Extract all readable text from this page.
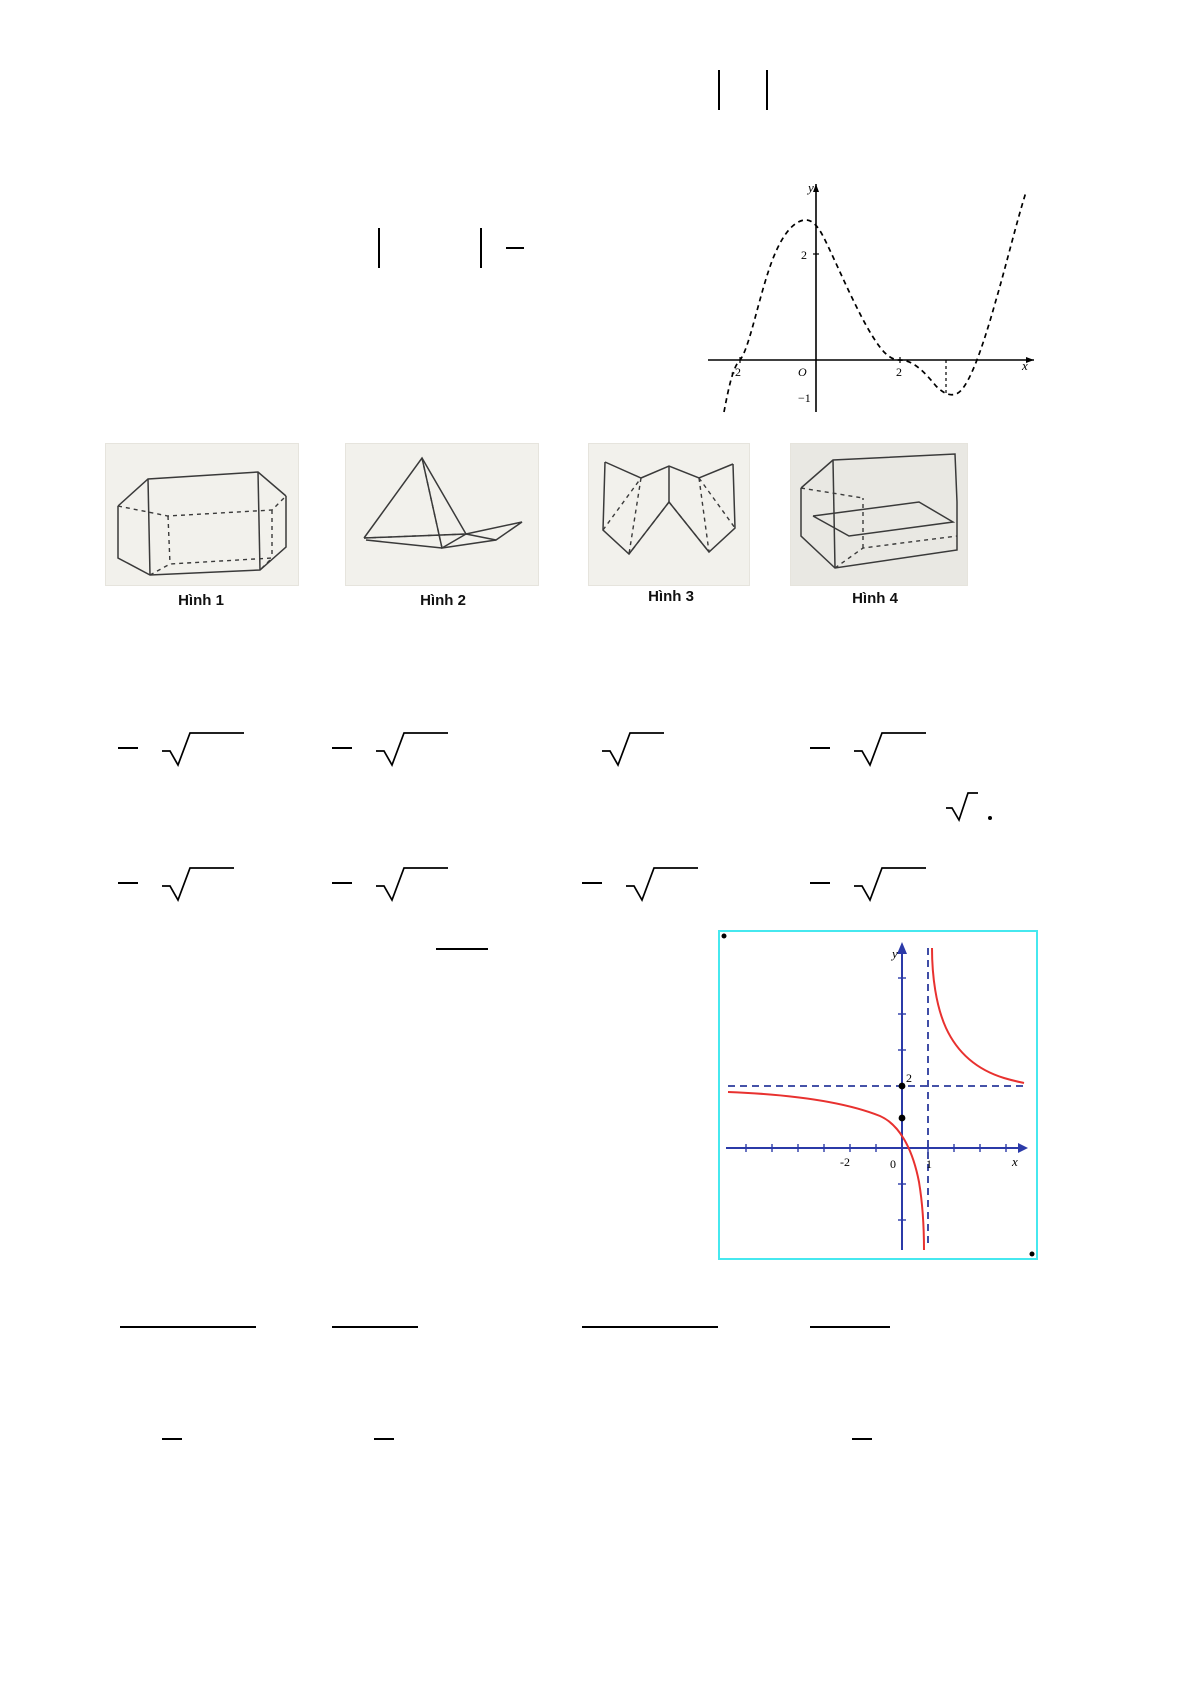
y
x
O
-2	2
2
−1
Hình 1	Hình 2	Hình 3	Hình 4
y
x
2
-2	0	1
